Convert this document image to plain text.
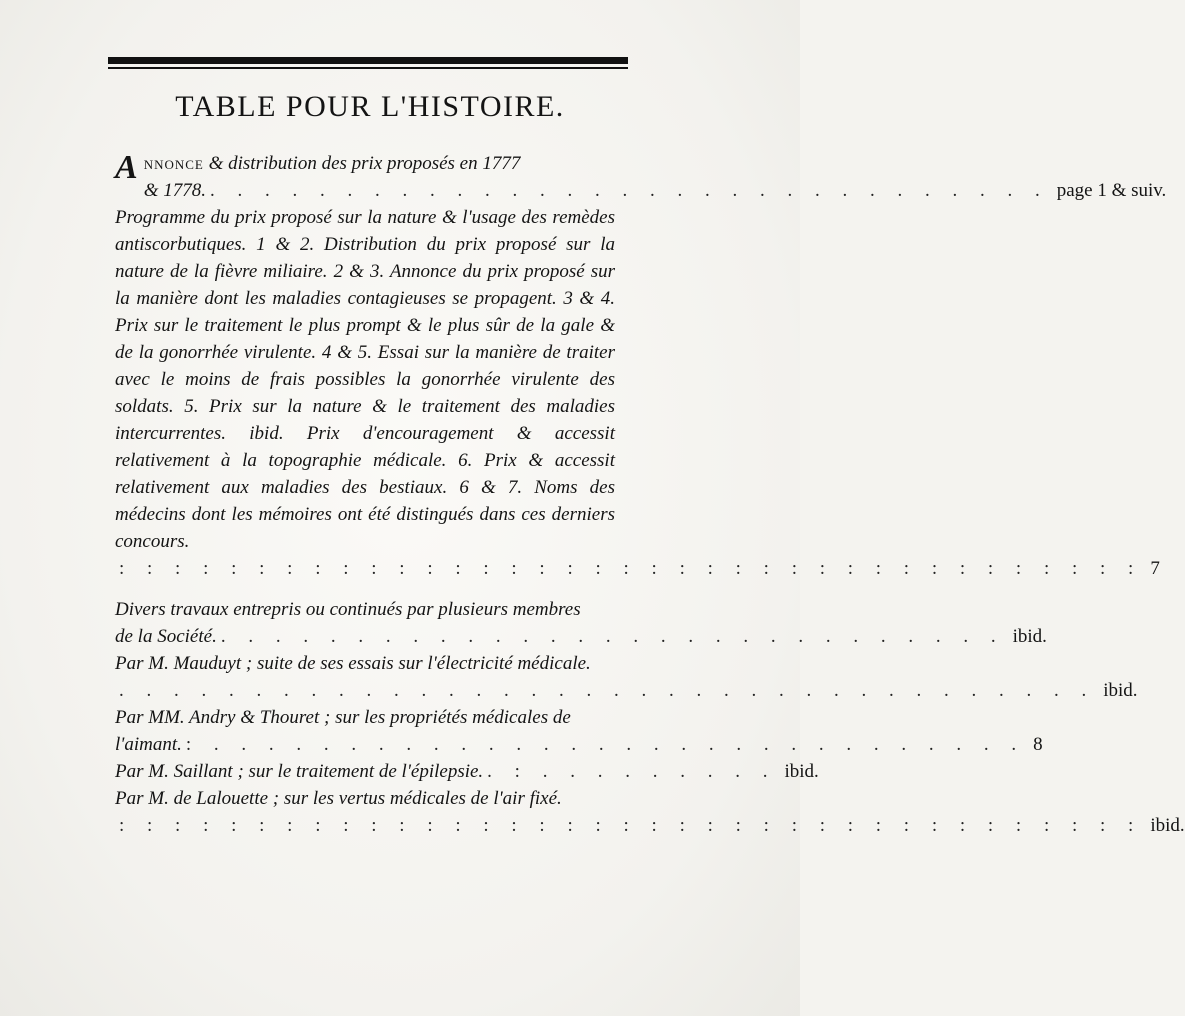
TABLE POUR L'HISTOIRE.
Annonce & distribution des prix proposés en 1777
& 1778. . . . . . . . . . . . . . . . . . . . . . . . . . . . . . . . page 1 & suiv.
Programme du prix proposé sur la nature & l'usage des remèdes antiscorbutiques. 1 & 2. Distribution du prix proposé sur la nature de la fièvre miliaire. 2 & 3. Annonce du prix proposé sur la manière dont les maladies contagieuses se propagent. 3 & 4. Prix sur le traitement le plus prompt & le plus sûr de la gale & de la gonorrhée virulente. 4 & 5. Essai sur la manière de traiter avec le moins de frais possibles la gonorrhée virulente des soldats. 5. Prix sur la nature & le traitement des maladies intercurrentes. ibid. Prix d'encouragement & accessit relativement à la topographie médicale. 6. Prix & accessit relativement aux maladies des bestiaux. 6 & 7. Noms des médecins dont les mémoires ont été distingués dans ces derniers concours.
: : : : : : : : : : : : : : : : : : : : : : : : : : : : : : : : : : : : : 7
Divers travaux entrepris ou continués par plusieurs membres
de la Société. . . . . . . . . . . . . . . . . . . . . . . . . . . . . . ibid.
Par M. Mauduyt ; suite de ses essais sur l'électricité médicale.
. . . . . . . . . . . . . . . . . . . . . . . . . . . . . . . . . . . . ibid.
Par MM. Andry & Thouret ; sur les propriétés médicales de
l'aimant. : . . . . . . . . . . . . . . . . . . . . . . . . . . . . . . 8
Par M. Saillant ; sur le traitement de l'épilepsie. . : . . . . . . . . . ibid.
Par M. de Lalouette ; sur les vertus médicales de l'air fixé.
: : : : : : : : : : : : : : : : : : : : : : : : : : : : : : : : : : : : : ibid.
